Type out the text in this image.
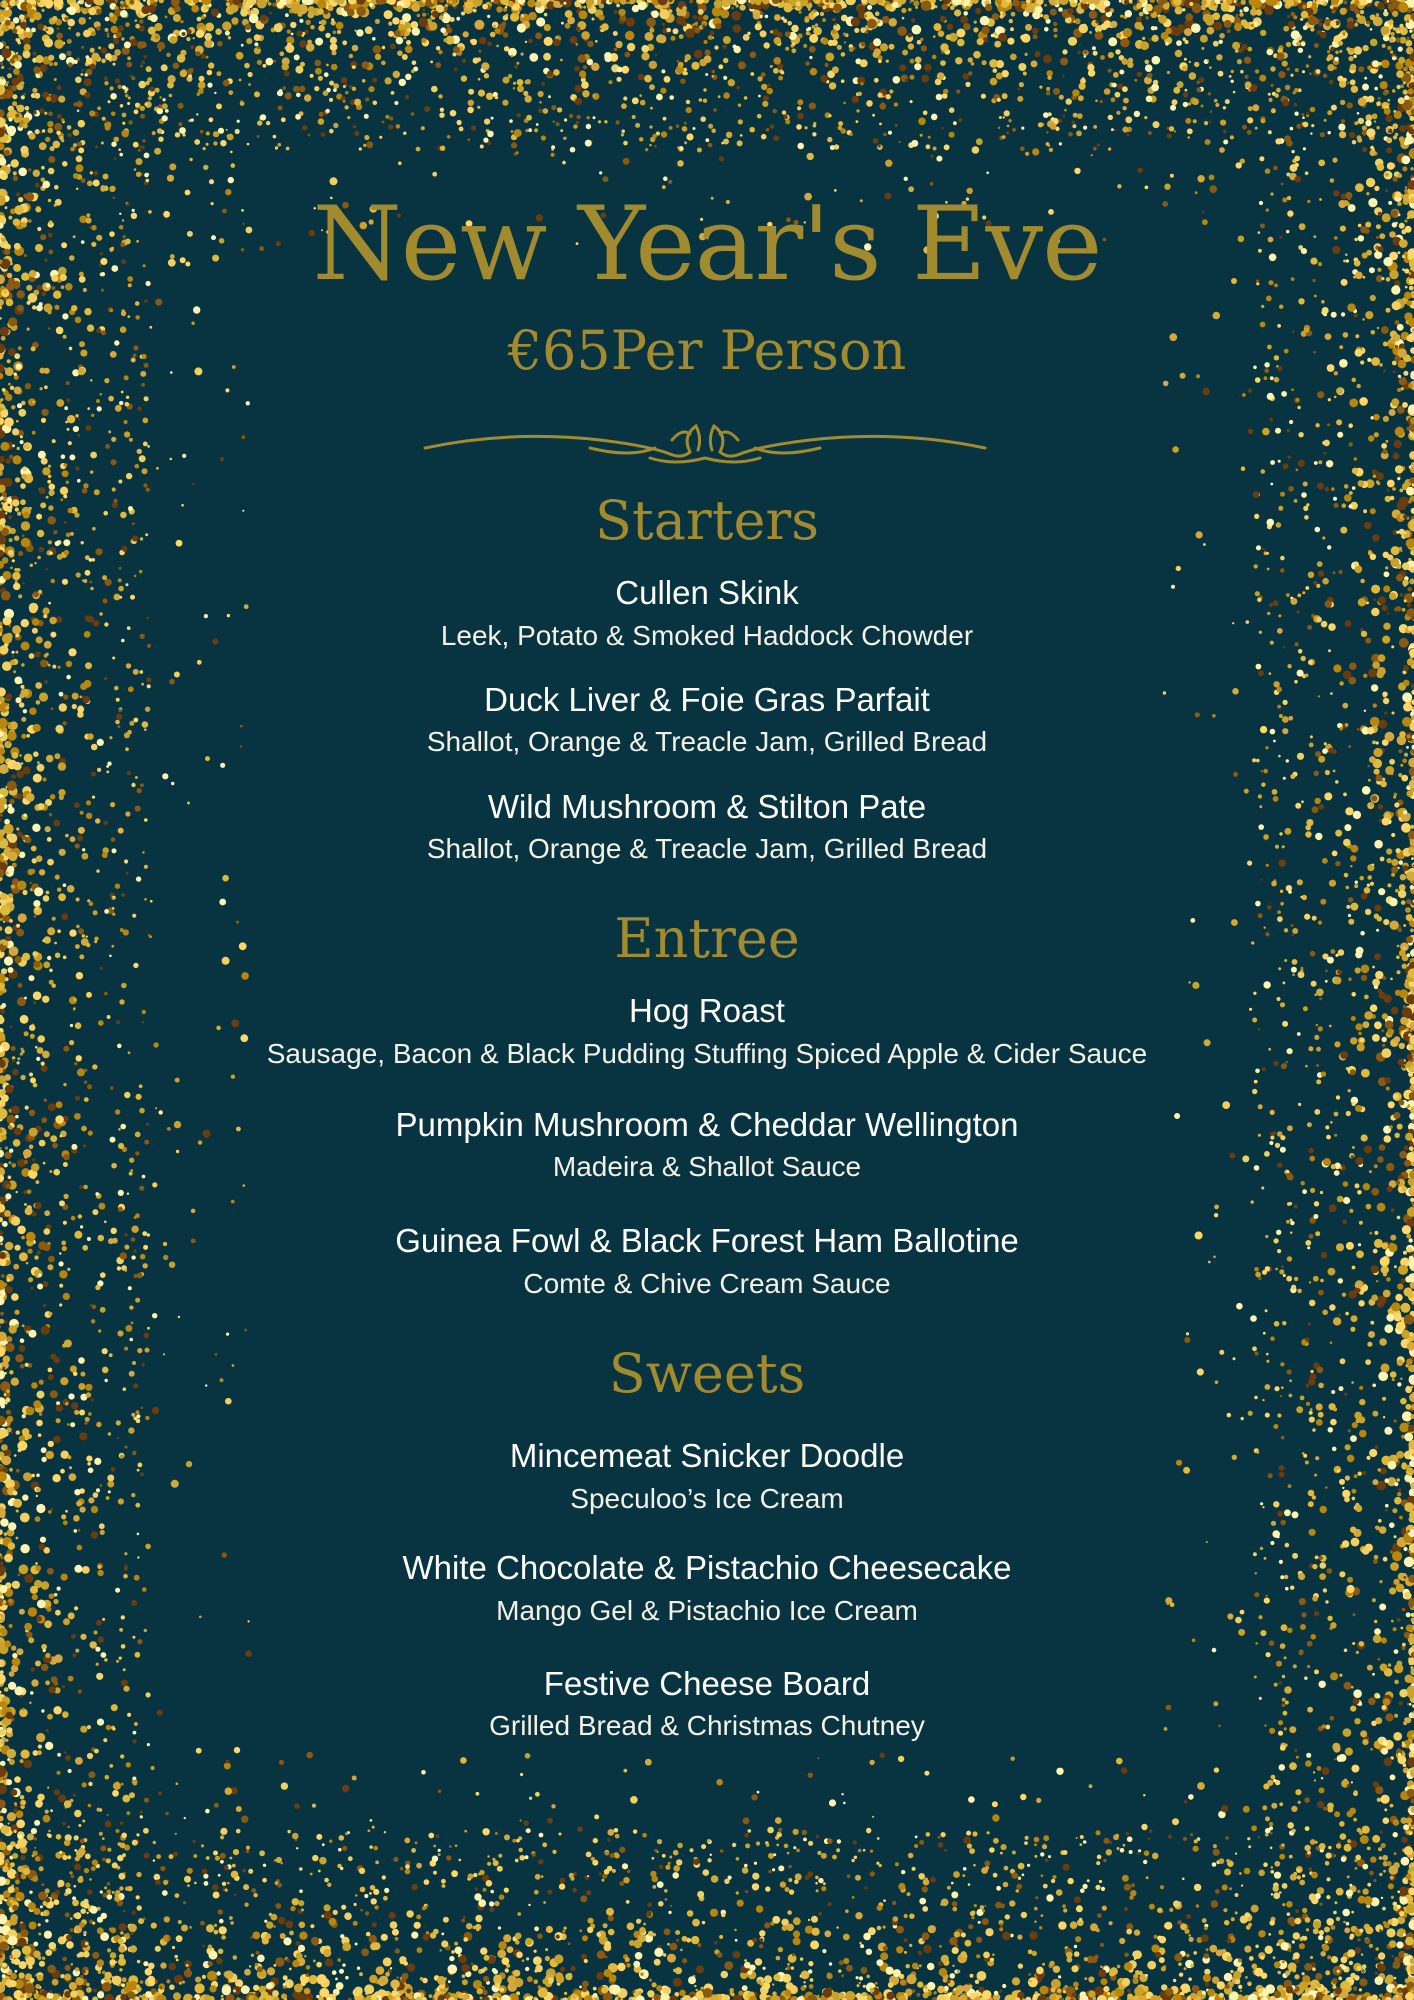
New Year's Eve
€65Per Person
Starters
Cullen Skink
Leek, Potato & Smoked Haddock Chowder
Duck Liver & Foie Gras Parfait
Shallot, Orange & Treacle Jam, Grilled Bread
Wild Mushroom & Stilton Pate
Shallot, Orange & Treacle Jam, Grilled Bread
Entree
Hog Roast
Sausage, Bacon & Black Pudding Stuffing Spiced Apple & Cider Sauce
Pumpkin Mushroom & Cheddar Wellington
Madeira & Shallot Sauce
Guinea Fowl & Black Forest Ham Ballotine
Comte & Chive Cream Sauce
Sweets
Mincemeat Snicker Doodle
Speculoo’s Ice Cream
White Chocolate & Pistachio Cheesecake
Mango Gel & Pistachio Ice Cream
Festive Cheese Board
Grilled Bread & Christmas Chutney
